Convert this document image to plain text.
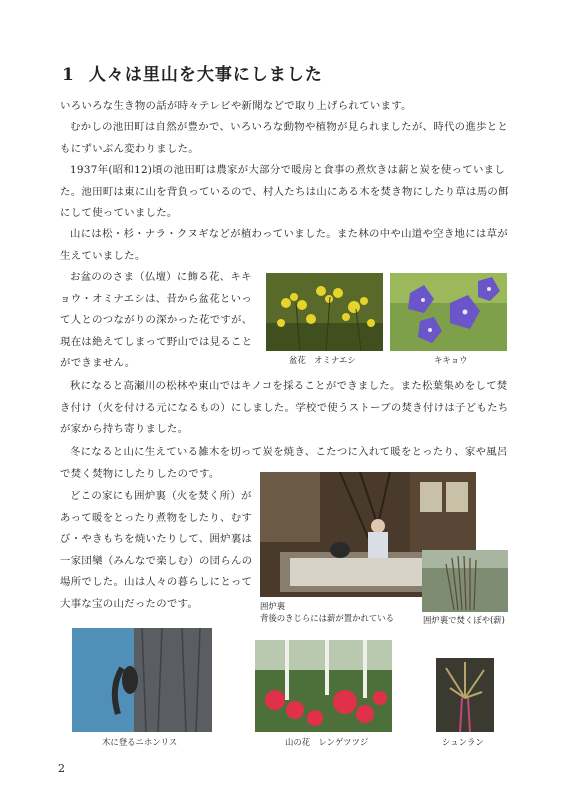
1 人々は里山を大事にしました
いろいろな生き物の話が時々テレビや新聞などで取り上げられています。
むかしの池田町は自然が豊かで、いろいろな動物や植物が見られましたが、時代の進歩とともにずいぶん変わりました。
1937年(昭和12)頃の池田町は農家が大部分で暖房と食事の煮炊きは薪と炭を使っていました。池田町は東に山を背負っているので、村人たちは山にある木を焚き物にしたり草は馬の餌にして使っていました。
山には松・杉・ナラ・クヌギなどが植わっていました。また林の中や山道や空き地には草が生えていました。
お盆ののさま（仏壇）に飾る花、キキョウ・オミナエシは、昔から盆花といって人とのつながりの深かった花ですが、現在は絶えてしまって野山では見ることができません。
秋になると高瀬川の松林や東山ではキノコを採ることができました。また松葉集めをして焚き付け（火を付ける元になるもの）にしました。学校で使うストーブの焚き付けは子どもたちが家から持ち寄りました。
冬になると山に生えている雑木を切って炭を焼き、こたつに入れて暖をとったり、家や風呂で焚く焚物にしたりしたのです。
どこの家にも囲炉裏（火を焚く所）があって暖をとったり煮物をしたり、むすび・やきもちを焼いたりして、囲炉裏は一家団欒（みんなで楽しむ）の団らんの場所でした。山は人々の暮らしにとって大事な宝の山だったのです。
盆花　オミナエシ	キキョウ
囲炉裏
背後のきじらには薪が置かれている	囲炉裏で焚くぼや(薪)
木に登るニホンリス	山の花　レンゲツツジ	シュンラン
2
